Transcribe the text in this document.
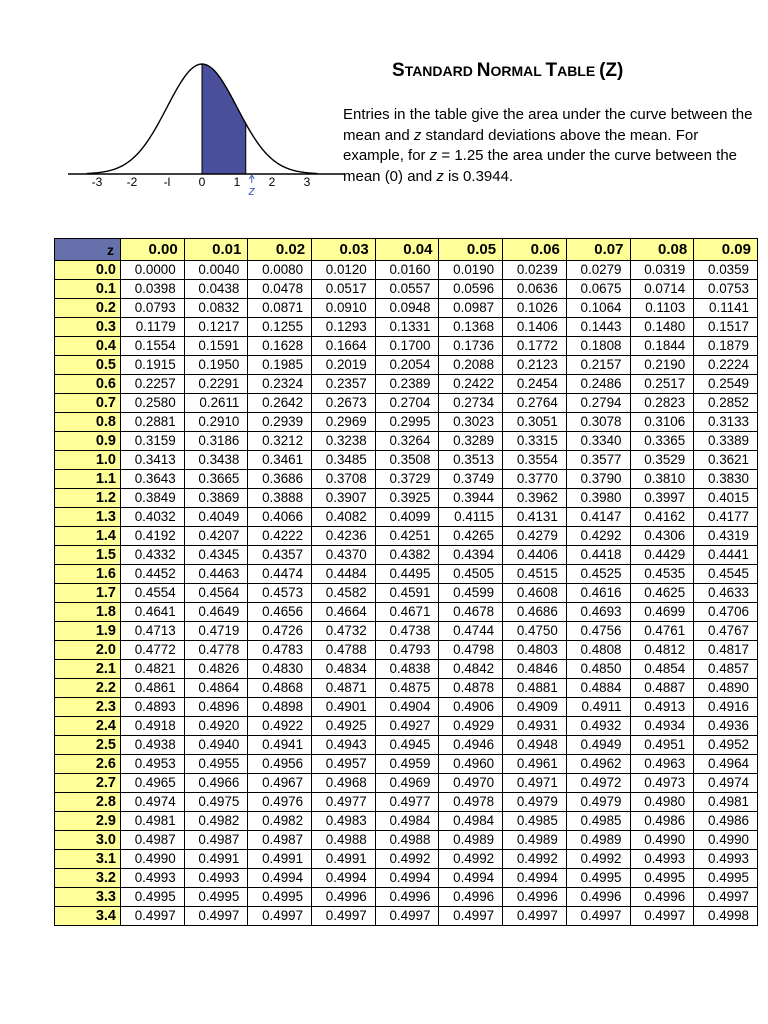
-3 -2 -l 0 1 2 3
z
STANDARD NORMAL TABLE (Z)

Entries in the table give the area under the curve between the mean and z standard deviations above the mean. For example, for z = 1.25 the area under the curve between the mean (0) and z is 0.3944.

z	0.00	0.01	0.02	0.03	0.04	0.05	0.06	0.07	0.08	0.09
0.0	0.0000	0.0040	0.0080	0.0120	0.0160	0.0190	0.0239	0.0279	0.0319	0.0359
0.1	0.0398	0.0438	0.0478	0.0517	0.0557	0.0596	0.0636	0.0675	0.0714	0.0753
0.2	0.0793	0.0832	0.0871	0.0910	0.0948	0.0987	0.1026	0.1064	0.1103	0.1141
0.3	0.1179	0.1217	0.1255	0.1293	0.1331	0.1368	0.1406	0.1443	0.1480	0.1517
0.4	0.1554	0.1591	0.1628	0.1664	0.1700	0.1736	0.1772	0.1808	0.1844	0.1879
0.5	0.1915	0.1950	0.1985	0.2019	0.2054	0.2088	0.2123	0.2157	0.2190	0.2224
0.6	0.2257	0.2291	0.2324	0.2357	0.2389	0.2422	0.2454	0.2486	0.2517	0.2549
0.7	0.2580	0.2611	0.2642	0.2673	0.2704	0.2734	0.2764	0.2794	0.2823	0.2852
0.8	0.2881	0.2910	0.2939	0.2969	0.2995	0.3023	0.3051	0.3078	0.3106	0.3133
0.9	0.3159	0.3186	0.3212	0.3238	0.3264	0.3289	0.3315	0.3340	0.3365	0.3389
1.0	0.3413	0.3438	0.3461	0.3485	0.3508	0.3513	0.3554	0.3577	0.3529	0.3621
1.1	0.3643	0.3665	0.3686	0.3708	0.3729	0.3749	0.3770	0.3790	0.3810	0.3830
1.2	0.3849	0.3869	0.3888	0.3907	0.3925	0.3944	0.3962	0.3980	0.3997	0.4015
1.3	0.4032	0.4049	0.4066	0.4082	0.4099	0.4115	0.4131	0.4147	0.4162	0.4177
1.4	0.4192	0.4207	0.4222	0.4236	0.4251	0.4265	0.4279	0.4292	0.4306	0.4319
1.5	0.4332	0.4345	0.4357	0.4370	0.4382	0.4394	0.4406	0.4418	0.4429	0.4441
1.6	0.4452	0.4463	0.4474	0.4484	0.4495	0.4505	0.4515	0.4525	0.4535	0.4545
1.7	0.4554	0.4564	0.4573	0.4582	0.4591	0.4599	0.4608	0.4616	0.4625	0.4633
1.8	0.4641	0.4649	0.4656	0.4664	0.4671	0.4678	0.4686	0.4693	0.4699	0.4706
1.9	0.4713	0.4719	0.4726	0.4732	0.4738	0.4744	0.4750	0.4756	0.4761	0.4767
2.0	0.4772	0.4778	0.4783	0.4788	0.4793	0.4798	0.4803	0.4808	0.4812	0.4817
2.1	0.4821	0.4826	0.4830	0.4834	0.4838	0.4842	0.4846	0.4850	0.4854	0.4857
2.2	0.4861	0.4864	0.4868	0.4871	0.4875	0.4878	0.4881	0.4884	0.4887	0.4890
2.3	0.4893	0.4896	0.4898	0.4901	0.4904	0.4906	0.4909	0.4911	0.4913	0.4916
2.4	0.4918	0.4920	0.4922	0.4925	0.4927	0.4929	0.4931	0.4932	0.4934	0.4936
2.5	0.4938	0.4940	0.4941	0.4943	0.4945	0.4946	0.4948	0.4949	0.4951	0.4952
2.6	0.4953	0.4955	0.4956	0.4957	0.4959	0.4960	0.4961	0.4962	0.4963	0.4964
2.7	0.4965	0.4966	0.4967	0.4968	0.4969	0.4970	0.4971	0.4972	0.4973	0.4974
2.8	0.4974	0.4975	0.4976	0.4977	0.4977	0.4978	0.4979	0.4979	0.4980	0.4981
2.9	0.4981	0.4982	0.4982	0.4983	0.4984	0.4984	0.4985	0.4985	0.4986	0.4986
3.0	0.4987	0.4987	0.4987	0.4988	0.4988	0.4989	0.4989	0.4989	0.4990	0.4990
3.1	0.4990	0.4991	0.4991	0.4991	0.4992	0.4992	0.4992	0.4992	0.4993	0.4993
3.2	0.4993	0.4993	0.4994	0.4994	0.4994	0.4994	0.4994	0.4995	0.4995	0.4995
3.3	0.4995	0.4995	0.4995	0.4996	0.4996	0.4996	0.4996	0.4996	0.4996	0.4997
3.4	0.4997	0.4997	0.4997	0.4997	0.4997	0.4997	0.4997	0.4997	0.4997	0.4998
